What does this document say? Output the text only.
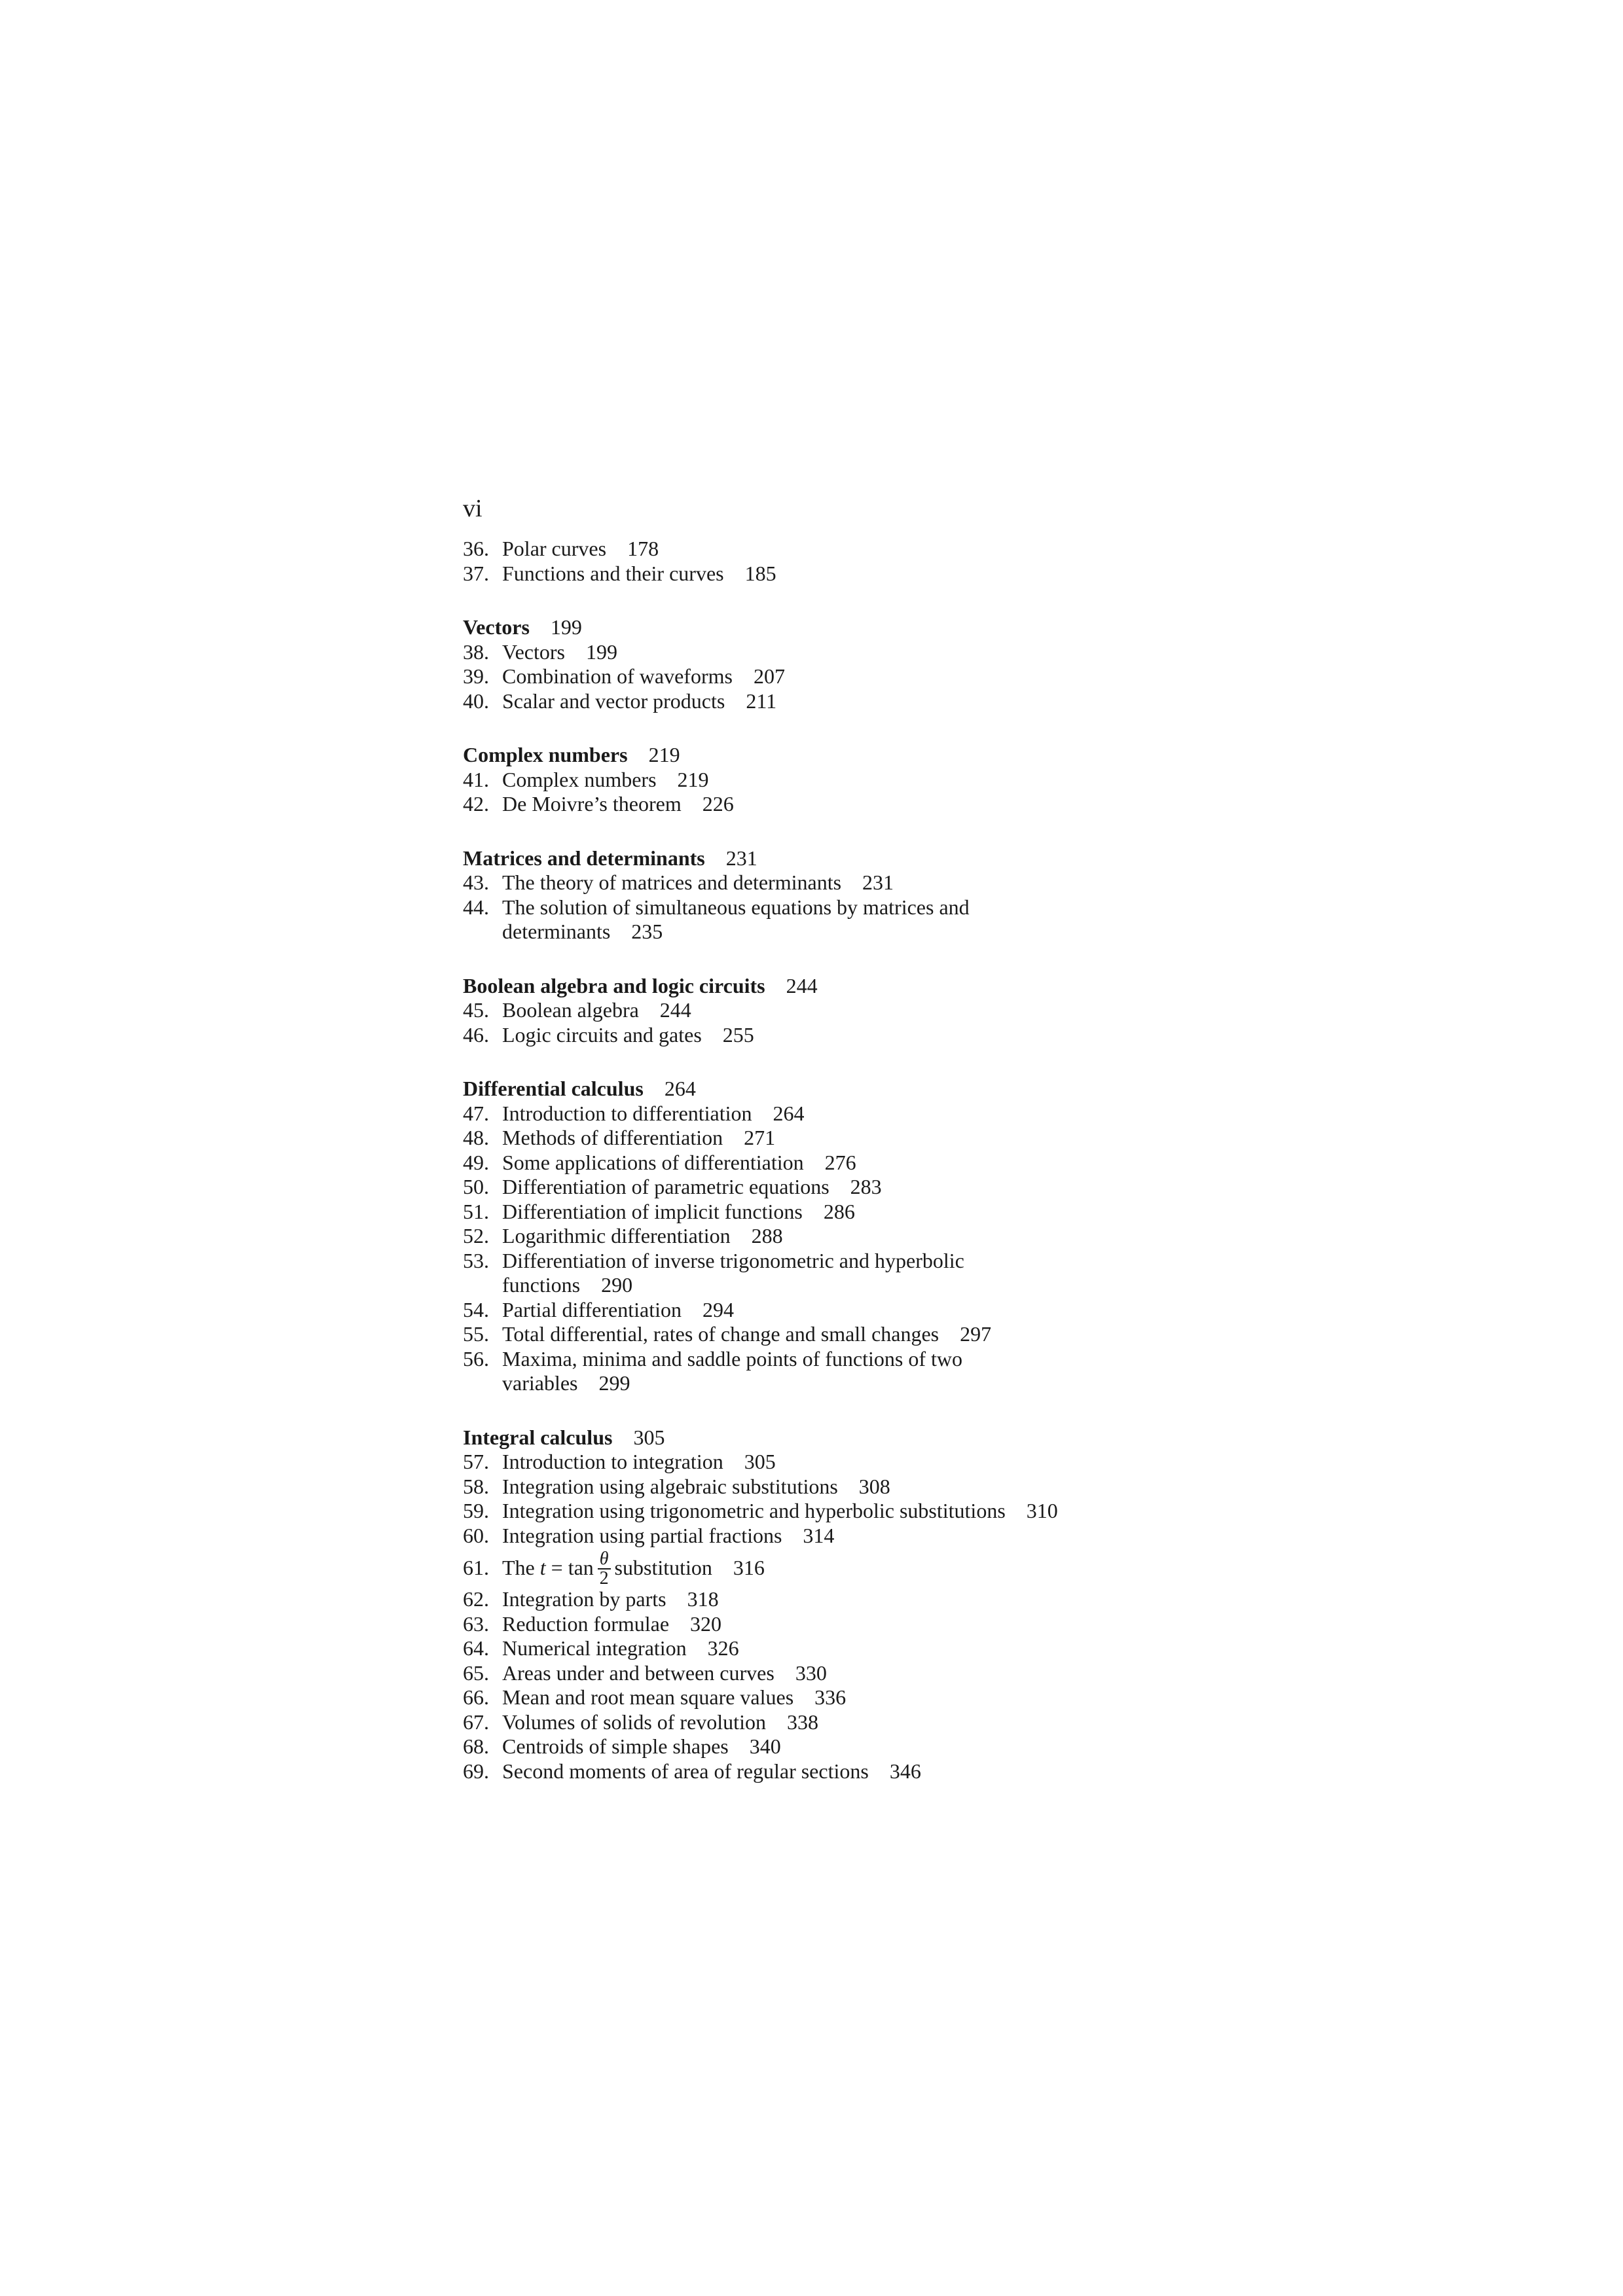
vi
36. Polar curves 178
37. Functions and their curves 185
Vectors 199
38. Vectors 199
39. Combination of waveforms 207
40. Scalar and vector products 211
Complex numbers 219
41. Complex numbers 219
42. De Moivre’s theorem 226
Matrices and determinants 231
43. The theory of matrices and determinants 231
44. The solution of simultaneous equations by matrices and determinants 235
Boolean algebra and logic circuits 244
45. Boolean algebra 244
46. Logic circuits and gates 255
Differential calculus 264
47. Introduction to differentiation 264
48. Methods of differentiation 271
49. Some applications of differentiation 276
50. Differentiation of parametric equations 283
51. Differentiation of implicit functions 286
52. Logarithmic differentiation 288
53. Differentiation of inverse trigonometric and hyperbolic functions 290
54. Partial differentiation 294
55. Total differential, rates of change and small changes 297
56. Maxima, minima and saddle points of functions of two variables 299
Integral calculus 305
57. Introduction to integration 305
58. Integration using algebraic substitutions 308
59. Integration using trigonometric and hyperbolic substitutions 310
60. Integration using partial fractions 314
61. The $t = \tan \frac{\theta}{2}$ substitution 316
62. Integration by parts 318
63. Reduction formulae 320
64. Numerical integration 326
65. Areas under and between curves 330
66. Mean and root mean square values 336
67. Volumes of solids of revolution 338
68. Centroids of simple shapes 340
69. Second moments of area of regular sections 346
